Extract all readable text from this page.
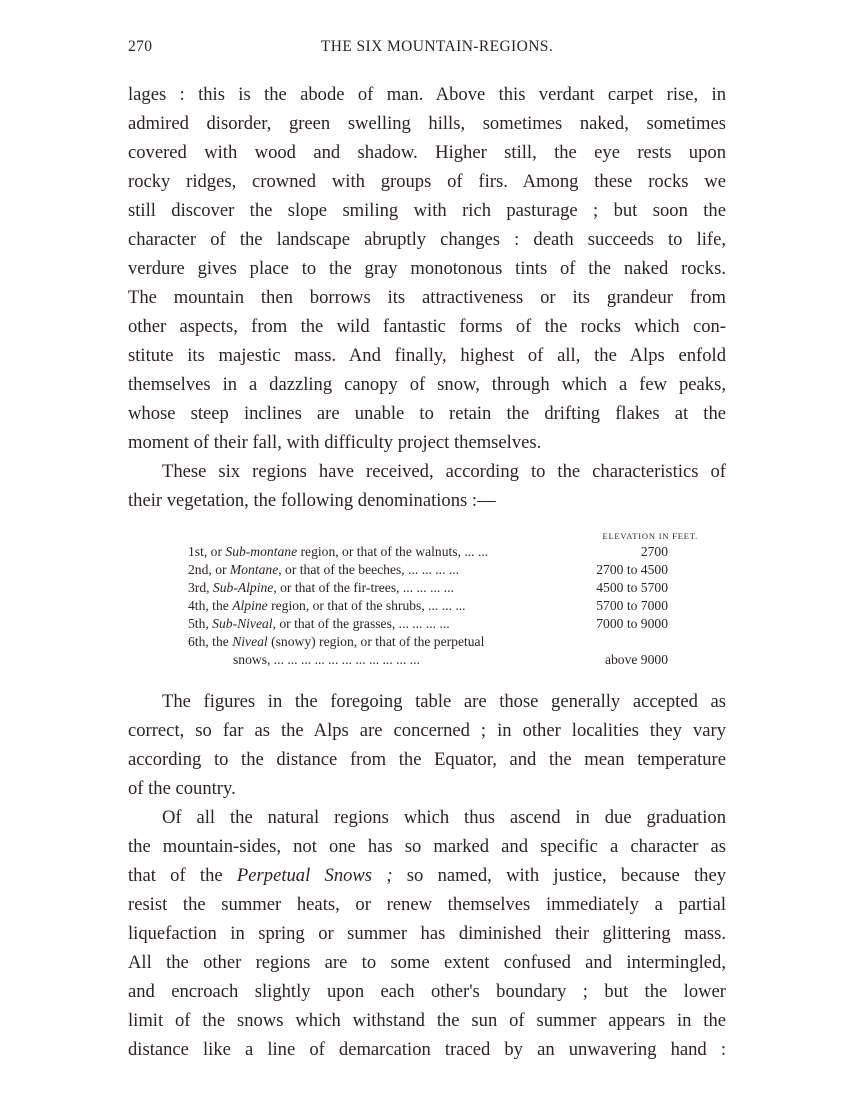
270	THE SIX MOUNTAIN-REGIONS.
lages : this is the abode of man. Above this verdant carpet rise, in
admired disorder, green swelling hills, sometimes naked, sometimes
covered with wood and shadow. Higher still, the eye rests upon
rocky ridges, crowned with groups of firs. Among these rocks we
still discover the slope smiling with rich pasturage ; but soon the
character of the landscape abruptly changes : death succeeds to life,
verdure gives place to the gray monotonous tints of the naked rocks.
The mountain then borrows its attractiveness or its grandeur from
other aspects, from the wild fantastic forms of the rocks which con-
stitute its majestic mass. And finally, highest of all, the Alps enfold
themselves in a dazzling canopy of snow, through which a few peaks,
whose steep inclines are unable to retain the drifting flakes at the
moment of their fall, with difficulty project themselves.
These six regions have received, according to the characteristics of
their vegetation, the following denominations :—
ELEVATION IN FEET.
1st, or Sub-montane region, or that of the walnuts, ... ...	2700
2nd, or Montane, or that of the beeches, ... ... ... ...	2700 to 4500
3rd, Sub-Alpine, or that of the fir-trees, ... ... ... ...	4500 to 5700
4th, the Alpine region, or that of the shrubs, ... ... ...	5700 to 7000
5th, Sub-Niveal, or that of the grasses, ... ... ... ...	7000 to 9000
6th, the Niveal (snowy) region, or that of the perpetual
snows, ... ... ... ... ... ... ... ... ... ... ...	above 9000
The figures in the foregoing table are those generally accepted as
correct, so far as the Alps are concerned ; in other localities they vary
according to the distance from the Equator, and the mean temperature
of the country.
Of all the natural regions which thus ascend in due graduation
the mountain-sides, not one has so marked and specific a character as
that of the Perpetual Snows ; so named, with justice, because they
resist the summer heats, or renew themselves immediately a partial
liquefaction in spring or summer has diminished their glittering mass.
All the other regions are to some extent confused and intermingled,
and encroach slightly upon each other's boundary ; but the lower
limit of the snows which withstand the sun of summer appears in the
distance like a line of demarcation traced by an unwavering hand :
